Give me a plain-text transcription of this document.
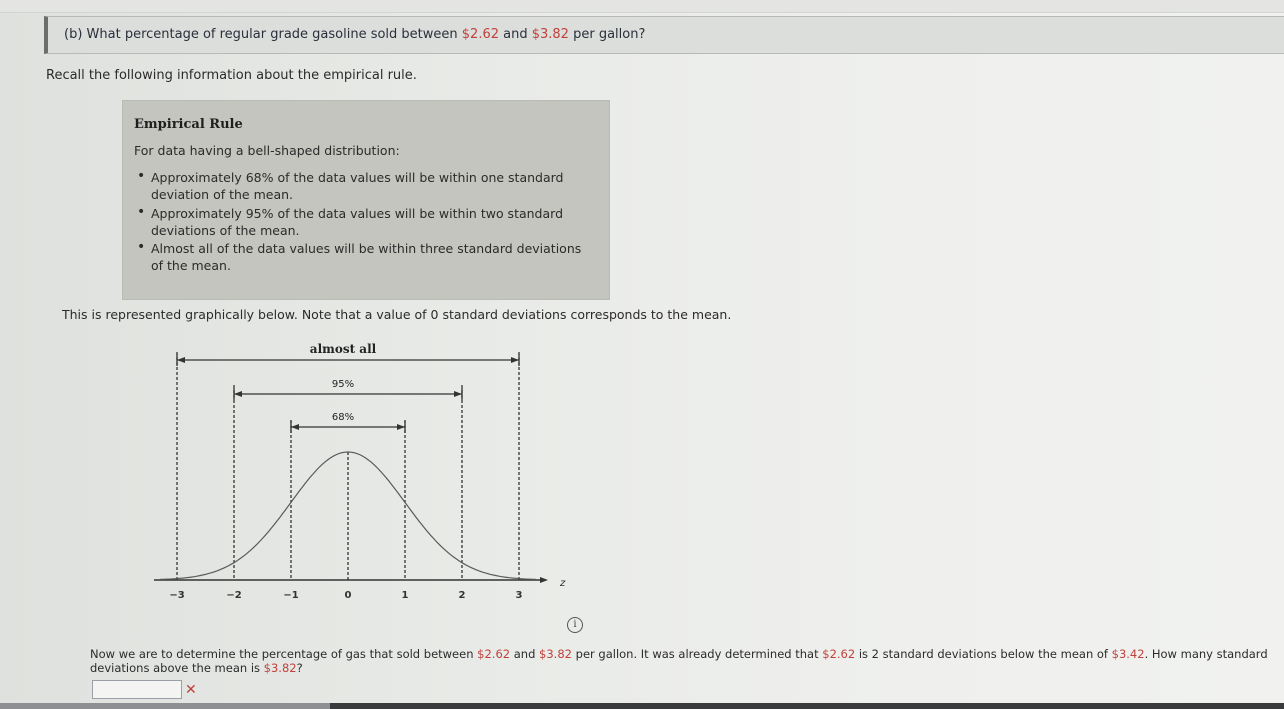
(b) What percentage of regular grade gasoline sold between $2.62 and $3.82 per gallon?
Recall the following information about the empirical rule.
Empirical Rule
For data having a bell-shaped distribution:
• Approximately 68% of the data values will be within one standard deviation of the mean.
• Approximately 95% of the data values will be within two standard deviations of the mean.
• Almost all of the data values will be within three standard deviations of the mean.
This is represented graphically below. Note that a value of 0 standard deviations corresponds to the mean.
−3	−2	−1	0	1	2	3
z
almost all
95%
68%
i
Now we are to determine the percentage of gas that sold between $2.62 and $3.82 per gallon. It was already determined that $2.62 is 2 standard deviations below the mean of $3.42. How many standard deviations above the mean is $3.82?
✕
